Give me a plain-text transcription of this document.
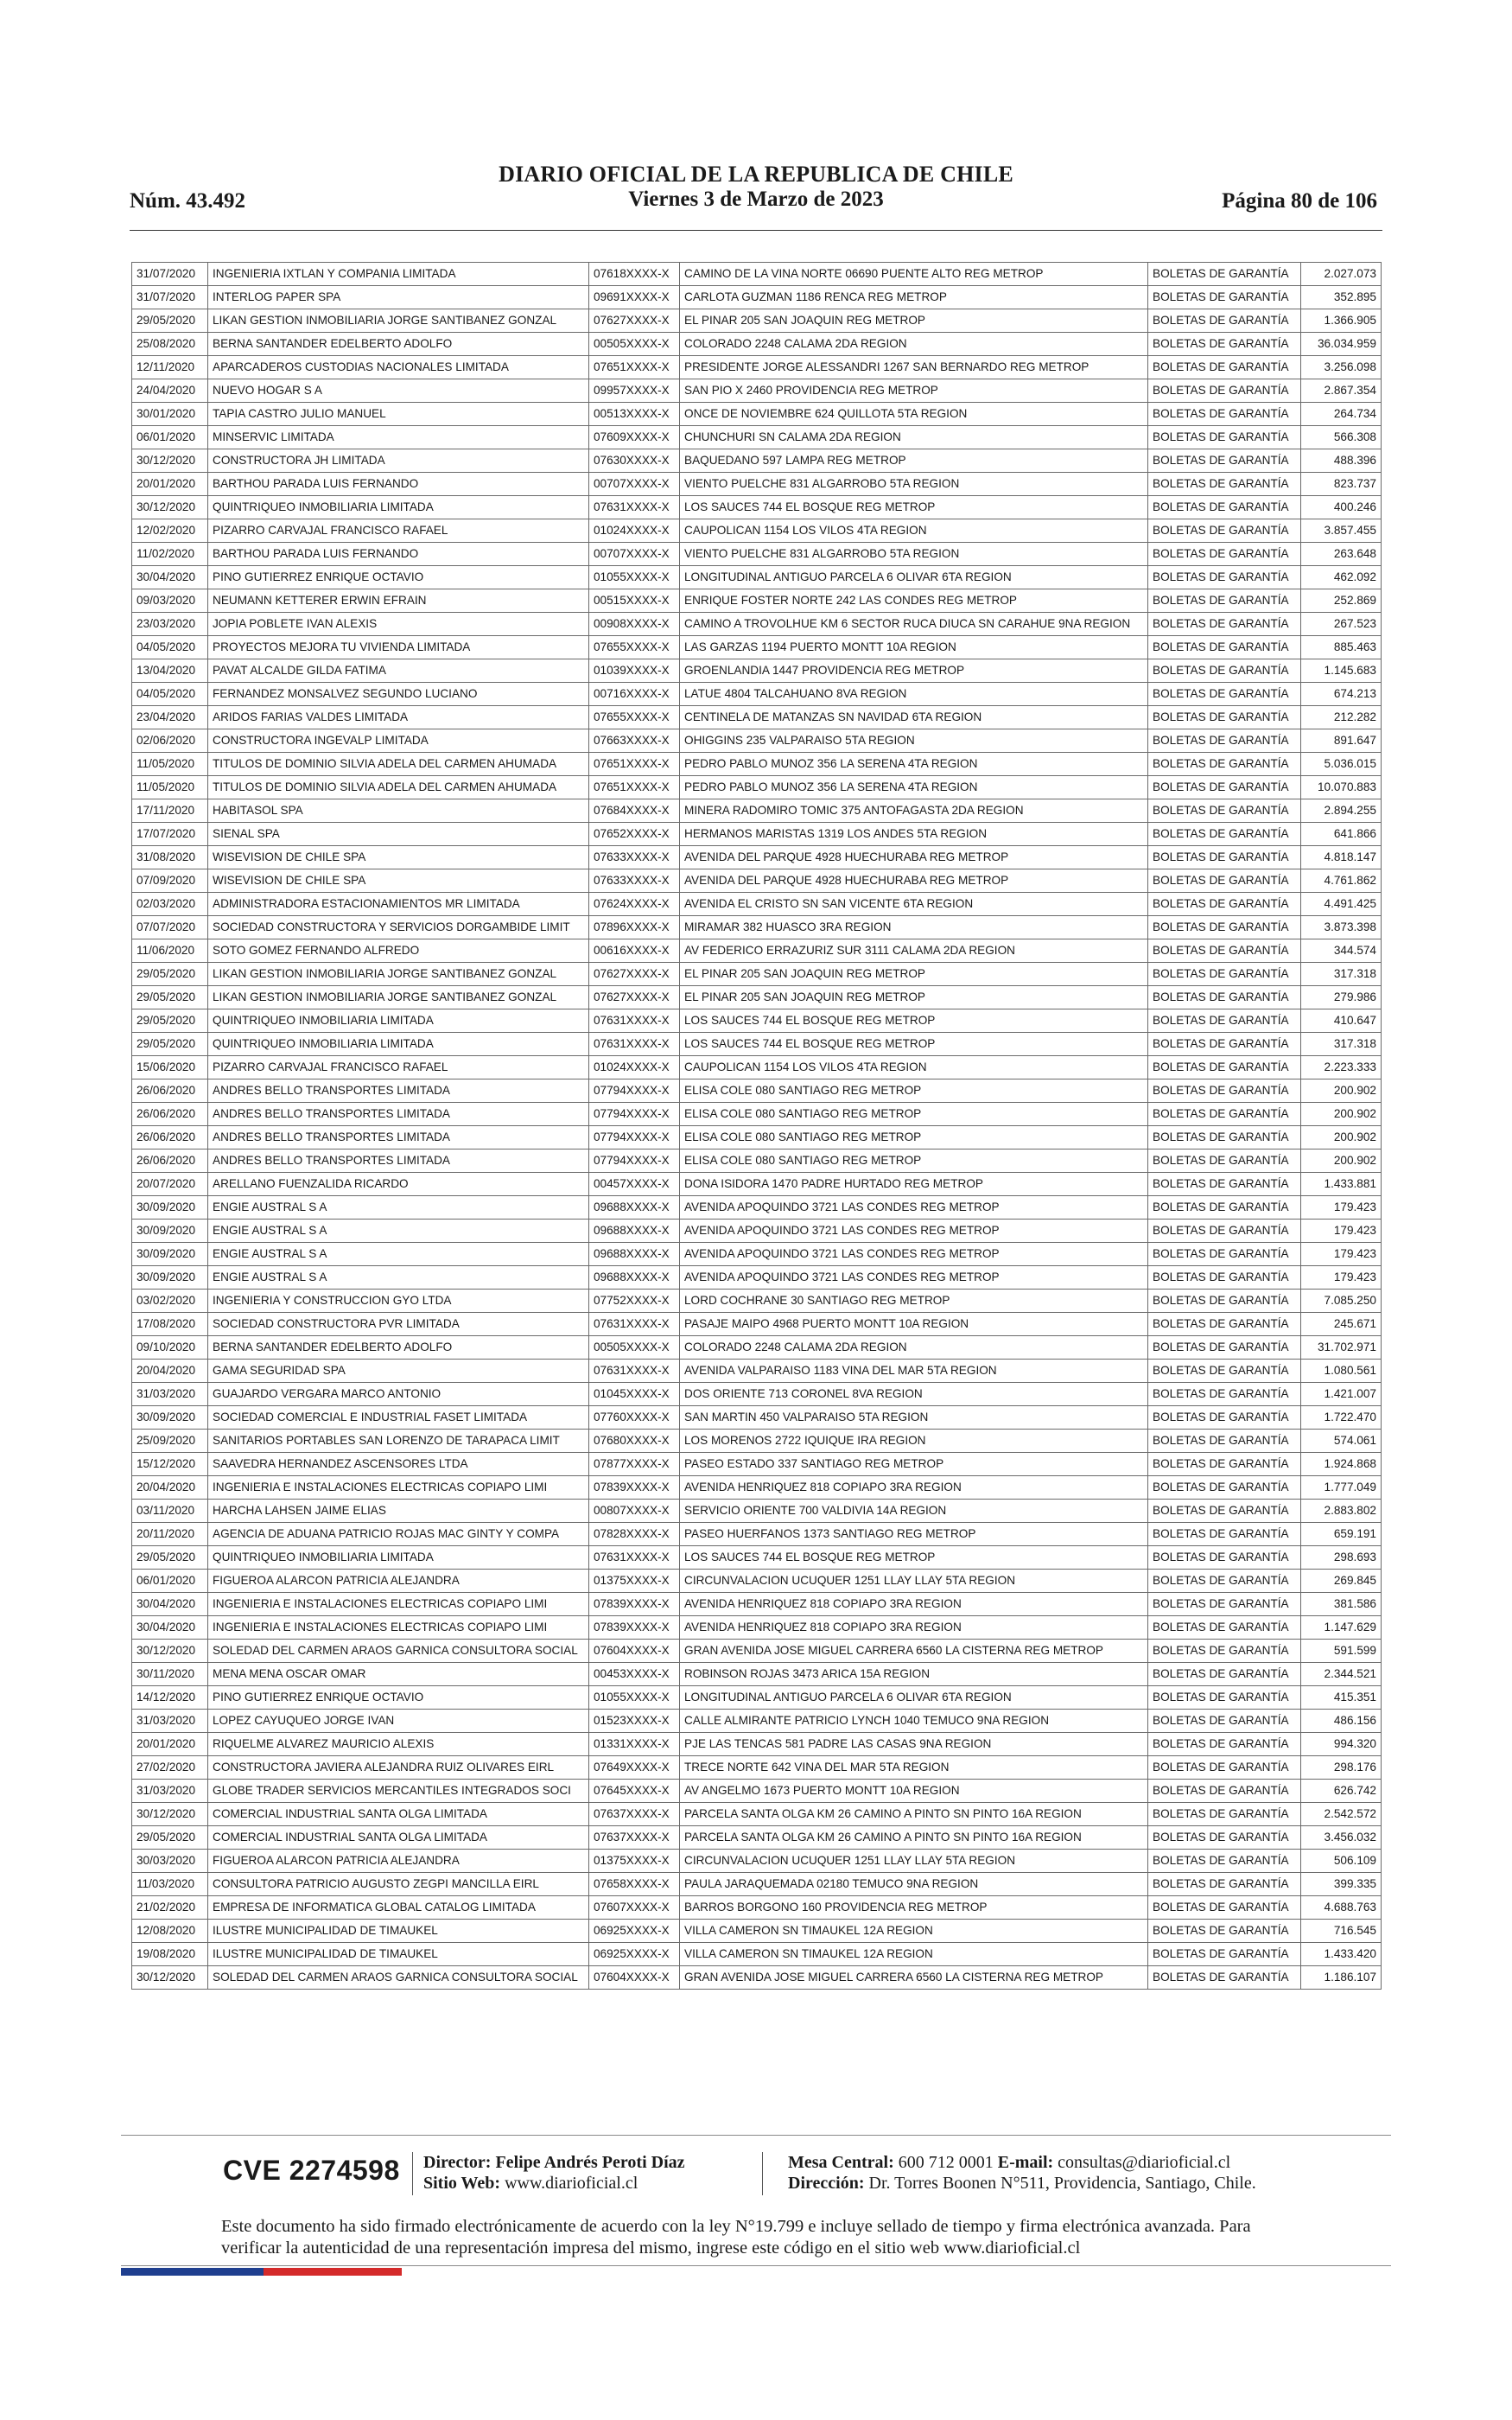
Núm. 43.492
DIARIO OFICIAL DE LA REPUBLICA DE CHILE
Viernes 3 de Marzo de 2023	Página 80 de 106
31/07/2020	INGENIERIA IXTLAN Y COMPANIA LIMITADA	07618XXXX-X	CAMINO DE LA VINA NORTE 06690 PUENTE ALTO REG METROP	BOLETAS DE GARANTÍA	2.027.073
31/07/2020	INTERLOG PAPER SPA	09691XXXX-X	CARLOTA GUZMAN 1186 RENCA REG METROP	BOLETAS DE GARANTÍA	352.895
29/05/2020	LIKAN GESTION INMOBILIARIA JORGE SANTIBANEZ GONZAL	07627XXXX-X	EL PINAR 205 SAN JOAQUIN REG METROP	BOLETAS DE GARANTÍA	1.366.905
25/08/2020	BERNA SANTANDER EDELBERTO ADOLFO	00505XXXX-X	COLORADO 2248 CALAMA 2DA REGION	BOLETAS DE GARANTÍA	36.034.959
12/11/2020	APARCADEROS CUSTODIAS NACIONALES LIMITADA	07651XXXX-X	PRESIDENTE JORGE ALESSANDRI 1267 SAN BERNARDO REG METROP	BOLETAS DE GARANTÍA	3.256.098
24/04/2020	NUEVO HOGAR S A	09957XXXX-X	SAN PIO X 2460 PROVIDENCIA REG METROP	BOLETAS DE GARANTÍA	2.867.354
30/01/2020	TAPIA CASTRO JULIO MANUEL	00513XXXX-X	ONCE DE NOVIEMBRE 624 QUILLOTA 5TA REGION	BOLETAS DE GARANTÍA	264.734
06/01/2020	MINSERVIC LIMITADA	07609XXXX-X	CHUNCHURI SN CALAMA 2DA REGION	BOLETAS DE GARANTÍA	566.308
30/12/2020	CONSTRUCTORA JH LIMITADA	07630XXXX-X	BAQUEDANO 597 LAMPA REG METROP	BOLETAS DE GARANTÍA	488.396
20/01/2020	BARTHOU PARADA LUIS FERNANDO	00707XXXX-X	VIENTO PUELCHE 831 ALGARROBO 5TA REGION	BOLETAS DE GARANTÍA	823.737
30/12/2020	QUINTRIQUEO INMOBILIARIA LIMITADA	07631XXXX-X	LOS SAUCES 744 EL BOSQUE REG METROP	BOLETAS DE GARANTÍA	400.246
12/02/2020	PIZARRO CARVAJAL FRANCISCO RAFAEL	01024XXXX-X	CAUPOLICAN 1154 LOS VILOS 4TA REGION	BOLETAS DE GARANTÍA	3.857.455
11/02/2020	BARTHOU PARADA LUIS FERNANDO	00707XXXX-X	VIENTO PUELCHE 831 ALGARROBO 5TA REGION	BOLETAS DE GARANTÍA	263.648
30/04/2020	PINO GUTIERREZ ENRIQUE OCTAVIO	01055XXXX-X	LONGITUDINAL ANTIGUO PARCELA 6 OLIVAR 6TA REGION	BOLETAS DE GARANTÍA	462.092
09/03/2020	NEUMANN KETTERER ERWIN EFRAIN	00515XXXX-X	ENRIQUE FOSTER NORTE 242 LAS CONDES REG METROP	BOLETAS DE GARANTÍA	252.869
23/03/2020	JOPIA POBLETE IVAN ALEXIS	00908XXXX-X	CAMINO A TROVOLHUE KM 6 SECTOR RUCA DIUCA SN CARAHUE 9NA REGION	BOLETAS DE GARANTÍA	267.523
04/05/2020	PROYECTOS MEJORA TU VIVIENDA LIMITADA	07655XXXX-X	LAS GARZAS 1194 PUERTO MONTT 10A REGION	BOLETAS DE GARANTÍA	885.463
13/04/2020	PAVAT ALCALDE GILDA FATIMA	01039XXXX-X	GROENLANDIA 1447 PROVIDENCIA REG METROP	BOLETAS DE GARANTÍA	1.145.683
04/05/2020	FERNANDEZ MONSALVEZ SEGUNDO LUCIANO	00716XXXX-X	LATUE 4804 TALCAHUANO 8VA REGION	BOLETAS DE GARANTÍA	674.213
23/04/2020	ARIDOS FARIAS VALDES LIMITADA	07655XXXX-X	CENTINELA DE MATANZAS SN NAVIDAD 6TA REGION	BOLETAS DE GARANTÍA	212.282
02/06/2020	CONSTRUCTORA INGEVALP LIMITADA	07663XXXX-X	OHIGGINS 235 VALPARAISO 5TA REGION	BOLETAS DE GARANTÍA	891.647
11/05/2020	TITULOS DE DOMINIO SILVIA ADELA DEL CARMEN AHUMADA	07651XXXX-X	PEDRO PABLO MUNOZ 356 LA SERENA 4TA REGION	BOLETAS DE GARANTÍA	5.036.015
11/05/2020	TITULOS DE DOMINIO SILVIA ADELA DEL CARMEN AHUMADA	07651XXXX-X	PEDRO PABLO MUNOZ 356 LA SERENA 4TA REGION	BOLETAS DE GARANTÍA	10.070.883
17/11/2020	HABITASOL SPA	07684XXXX-X	MINERA RADOMIRO TOMIC 375 ANTOFAGASTA 2DA REGION	BOLETAS DE GARANTÍA	2.894.255
17/07/2020	SIENAL SPA	07652XXXX-X	HERMANOS MARISTAS 1319 LOS ANDES 5TA REGION	BOLETAS DE GARANTÍA	641.866
31/08/2020	WISEVISION DE CHILE SPA	07633XXXX-X	AVENIDA DEL PARQUE 4928 HUECHURABA REG METROP	BOLETAS DE GARANTÍA	4.818.147
07/09/2020	WISEVISION DE CHILE SPA	07633XXXX-X	AVENIDA DEL PARQUE 4928 HUECHURABA REG METROP	BOLETAS DE GARANTÍA	4.761.862
02/03/2020	ADMINISTRADORA ESTACIONAMIENTOS MR LIMITADA	07624XXXX-X	AVENIDA EL CRISTO SN SAN VICENTE 6TA REGION	BOLETAS DE GARANTÍA	4.491.425
07/07/2020	SOCIEDAD CONSTRUCTORA Y SERVICIOS DORGAMBIDE LIMIT	07896XXXX-X	MIRAMAR 382 HUASCO 3RA REGION	BOLETAS DE GARANTÍA	3.873.398
11/06/2020	SOTO GOMEZ FERNANDO ALFREDO	00616XXXX-X	AV FEDERICO ERRAZURIZ SUR 3111 CALAMA 2DA REGION	BOLETAS DE GARANTÍA	344.574
29/05/2020	LIKAN GESTION INMOBILIARIA JORGE SANTIBANEZ GONZAL	07627XXXX-X	EL PINAR 205 SAN JOAQUIN REG METROP	BOLETAS DE GARANTÍA	317.318
29/05/2020	LIKAN GESTION INMOBILIARIA JORGE SANTIBANEZ GONZAL	07627XXXX-X	EL PINAR 205 SAN JOAQUIN REG METROP	BOLETAS DE GARANTÍA	279.986
29/05/2020	QUINTRIQUEO INMOBILIARIA LIMITADA	07631XXXX-X	LOS SAUCES 744 EL BOSQUE REG METROP	BOLETAS DE GARANTÍA	410.647
29/05/2020	QUINTRIQUEO INMOBILIARIA LIMITADA	07631XXXX-X	LOS SAUCES 744 EL BOSQUE REG METROP	BOLETAS DE GARANTÍA	317.318
15/06/2020	PIZARRO CARVAJAL FRANCISCO RAFAEL	01024XXXX-X	CAUPOLICAN 1154 LOS VILOS 4TA REGION	BOLETAS DE GARANTÍA	2.223.333
26/06/2020	ANDRES BELLO TRANSPORTES LIMITADA	07794XXXX-X	ELISA COLE 080 SANTIAGO REG METROP	BOLETAS DE GARANTÍA	200.902
26/06/2020	ANDRES BELLO TRANSPORTES LIMITADA	07794XXXX-X	ELISA COLE 080 SANTIAGO REG METROP	BOLETAS DE GARANTÍA	200.902
26/06/2020	ANDRES BELLO TRANSPORTES LIMITADA	07794XXXX-X	ELISA COLE 080 SANTIAGO REG METROP	BOLETAS DE GARANTÍA	200.902
26/06/2020	ANDRES BELLO TRANSPORTES LIMITADA	07794XXXX-X	ELISA COLE 080 SANTIAGO REG METROP	BOLETAS DE GARANTÍA	200.902
20/07/2020	ARELLANO FUENZALIDA RICARDO	00457XXXX-X	DONA ISIDORA 1470 PADRE HURTADO REG METROP	BOLETAS DE GARANTÍA	1.433.881
30/09/2020	ENGIE AUSTRAL S A	09688XXXX-X	AVENIDA APOQUINDO 3721 LAS CONDES REG METROP	BOLETAS DE GARANTÍA	179.423
30/09/2020	ENGIE AUSTRAL S A	09688XXXX-X	AVENIDA APOQUINDO 3721 LAS CONDES REG METROP	BOLETAS DE GARANTÍA	179.423
30/09/2020	ENGIE AUSTRAL S A	09688XXXX-X	AVENIDA APOQUINDO 3721 LAS CONDES REG METROP	BOLETAS DE GARANTÍA	179.423
30/09/2020	ENGIE AUSTRAL S A	09688XXXX-X	AVENIDA APOQUINDO 3721 LAS CONDES REG METROP	BOLETAS DE GARANTÍA	179.423
03/02/2020	INGENIERIA Y CONSTRUCCION GYO LTDA	07752XXXX-X	LORD COCHRANE 30 SANTIAGO REG METROP	BOLETAS DE GARANTÍA	7.085.250
17/08/2020	SOCIEDAD CONSTRUCTORA PVR LIMITADA	07631XXXX-X	PASAJE MAIPO 4968 PUERTO MONTT 10A REGION	BOLETAS DE GARANTÍA	245.671
09/10/2020	BERNA SANTANDER EDELBERTO ADOLFO	00505XXXX-X	COLORADO 2248 CALAMA 2DA REGION	BOLETAS DE GARANTÍA	31.702.971
20/04/2020	GAMA SEGURIDAD SPA	07631XXXX-X	AVENIDA VALPARAISO 1183 VINA DEL MAR 5TA REGION	BOLETAS DE GARANTÍA	1.080.561
31/03/2020	GUAJARDO VERGARA MARCO ANTONIO	01045XXXX-X	DOS ORIENTE 713 CORONEL 8VA REGION	BOLETAS DE GARANTÍA	1.421.007
30/09/2020	SOCIEDAD COMERCIAL E INDUSTRIAL FASET LIMITADA	07760XXXX-X	SAN MARTIN 450 VALPARAISO 5TA REGION	BOLETAS DE GARANTÍA	1.722.470
25/09/2020	SANITARIOS PORTABLES SAN LORENZO DE TARAPACA LIMIT	07680XXXX-X	LOS MORENOS 2722 IQUIQUE IRA REGION	BOLETAS DE GARANTÍA	574.061
15/12/2020	SAAVEDRA HERNANDEZ ASCENSORES LTDA	07877XXXX-X	PASEO ESTADO 337 SANTIAGO REG METROP	BOLETAS DE GARANTÍA	1.924.868
20/04/2020	INGENIERIA E INSTALACIONES ELECTRICAS COPIAPO LIMI	07839XXXX-X	AVENIDA HENRIQUEZ 818 COPIAPO 3RA REGION	BOLETAS DE GARANTÍA	1.777.049
03/11/2020	HARCHA LAHSEN JAIME ELIAS	00807XXXX-X	SERVICIO ORIENTE 700 VALDIVIA 14A REGION	BOLETAS DE GARANTÍA	2.883.802
20/11/2020	AGENCIA DE ADUANA PATRICIO ROJAS MAC GINTY Y COMPA	07828XXXX-X	PASEO HUERFANOS 1373 SANTIAGO REG METROP	BOLETAS DE GARANTÍA	659.191
29/05/2020	QUINTRIQUEO INMOBILIARIA LIMITADA	07631XXXX-X	LOS SAUCES 744 EL BOSQUE REG METROP	BOLETAS DE GARANTÍA	298.693
06/01/2020	FIGUEROA ALARCON PATRICIA ALEJANDRA	01375XXXX-X	CIRCUNVALACION UCUQUER 1251 LLAY LLAY 5TA REGION	BOLETAS DE GARANTÍA	269.845
30/04/2020	INGENIERIA E INSTALACIONES ELECTRICAS COPIAPO LIMI	07839XXXX-X	AVENIDA HENRIQUEZ 818 COPIAPO 3RA REGION	BOLETAS DE GARANTÍA	381.586
30/04/2020	INGENIERIA E INSTALACIONES ELECTRICAS COPIAPO LIMI	07839XXXX-X	AVENIDA HENRIQUEZ 818 COPIAPO 3RA REGION	BOLETAS DE GARANTÍA	1.147.629
30/12/2020	SOLEDAD DEL CARMEN ARAOS GARNICA CONSULTORA SOCIAL	07604XXXX-X	GRAN AVENIDA JOSE MIGUEL CARRERA 6560 LA CISTERNA REG METROP	BOLETAS DE GARANTÍA	591.599
30/11/2020	MENA MENA OSCAR OMAR	00453XXXX-X	ROBINSON ROJAS 3473 ARICA 15A REGION	BOLETAS DE GARANTÍA	2.344.521
14/12/2020	PINO GUTIERREZ ENRIQUE OCTAVIO	01055XXXX-X	LONGITUDINAL ANTIGUO PARCELA 6 OLIVAR 6TA REGION	BOLETAS DE GARANTÍA	415.351
31/03/2020	LOPEZ CAYUQUEO JORGE IVAN	01523XXXX-X	CALLE ALMIRANTE PATRICIO LYNCH 1040 TEMUCO 9NA REGION	BOLETAS DE GARANTÍA	486.156
20/01/2020	RIQUELME ALVAREZ MAURICIO ALEXIS	01331XXXX-X	PJE LAS TENCAS 581 PADRE LAS CASAS 9NA REGION	BOLETAS DE GARANTÍA	994.320
27/02/2020	CONSTRUCTORA JAVIERA ALEJANDRA RUIZ OLIVARES EIRL	07649XXXX-X	TRECE NORTE 642 VINA DEL MAR 5TA REGION	BOLETAS DE GARANTÍA	298.176
31/03/2020	GLOBE TRADER SERVICIOS MERCANTILES INTEGRADOS SOCI	07645XXXX-X	AV ANGELMO 1673 PUERTO MONTT 10A REGION	BOLETAS DE GARANTÍA	626.742
30/12/2020	COMERCIAL INDUSTRIAL SANTA OLGA LIMITADA	07637XXXX-X	PARCELA SANTA OLGA KM 26 CAMINO A PINTO SN PINTO 16A REGION	BOLETAS DE GARANTÍA	2.542.572
29/05/2020	COMERCIAL INDUSTRIAL SANTA OLGA LIMITADA	07637XXXX-X	PARCELA SANTA OLGA KM 26 CAMINO A PINTO SN PINTO 16A REGION	BOLETAS DE GARANTÍA	3.456.032
30/03/2020	FIGUEROA ALARCON PATRICIA ALEJANDRA	01375XXXX-X	CIRCUNVALACION UCUQUER 1251 LLAY LLAY 5TA REGION	BOLETAS DE GARANTÍA	506.109
11/03/2020	CONSULTORA PATRICIO AUGUSTO ZEGPI MANCILLA EIRL	07658XXXX-X	PAULA JARAQUEMADA 02180 TEMUCO 9NA REGION	BOLETAS DE GARANTÍA	399.335
21/02/2020	EMPRESA DE INFORMATICA GLOBAL CATALOG LIMITADA	07607XXXX-X	BARROS BORGONO 160 PROVIDENCIA REG METROP	BOLETAS DE GARANTÍA	4.688.763
12/08/2020	ILUSTRE MUNICIPALIDAD DE TIMAUKEL	06925XXXX-X	VILLA CAMERON SN TIMAUKEL 12A REGION	BOLETAS DE GARANTÍA	716.545
19/08/2020	ILUSTRE MUNICIPALIDAD DE TIMAUKEL	06925XXXX-X	VILLA CAMERON SN TIMAUKEL 12A REGION	BOLETAS DE GARANTÍA	1.433.420
30/12/2020	SOLEDAD DEL CARMEN ARAOS GARNICA CONSULTORA SOCIAL	07604XXXX-X	GRAN AVENIDA JOSE MIGUEL CARRERA 6560 LA CISTERNA REG METROP	BOLETAS DE GARANTÍA	1.186.107
CVE 2274598 Director: Felipe Andrés Peroti Díaz
Sitio Web: www.diarioficial.cl
Mesa Central: 600 712 0001 E-mail: consultas@diarioficial.cl
Dirección: Dr. Torres Boonen N°511, Providencia, Santiago, Chile.
Este documento ha sido firmado electrónicamente de acuerdo con la ley N°19.799 e incluye sellado de tiempo y firma electrónica avanzada. Para verificar la autenticidad de una representación impresa del mismo, ingrese este código en el sitio web www.diarioficial.cl
